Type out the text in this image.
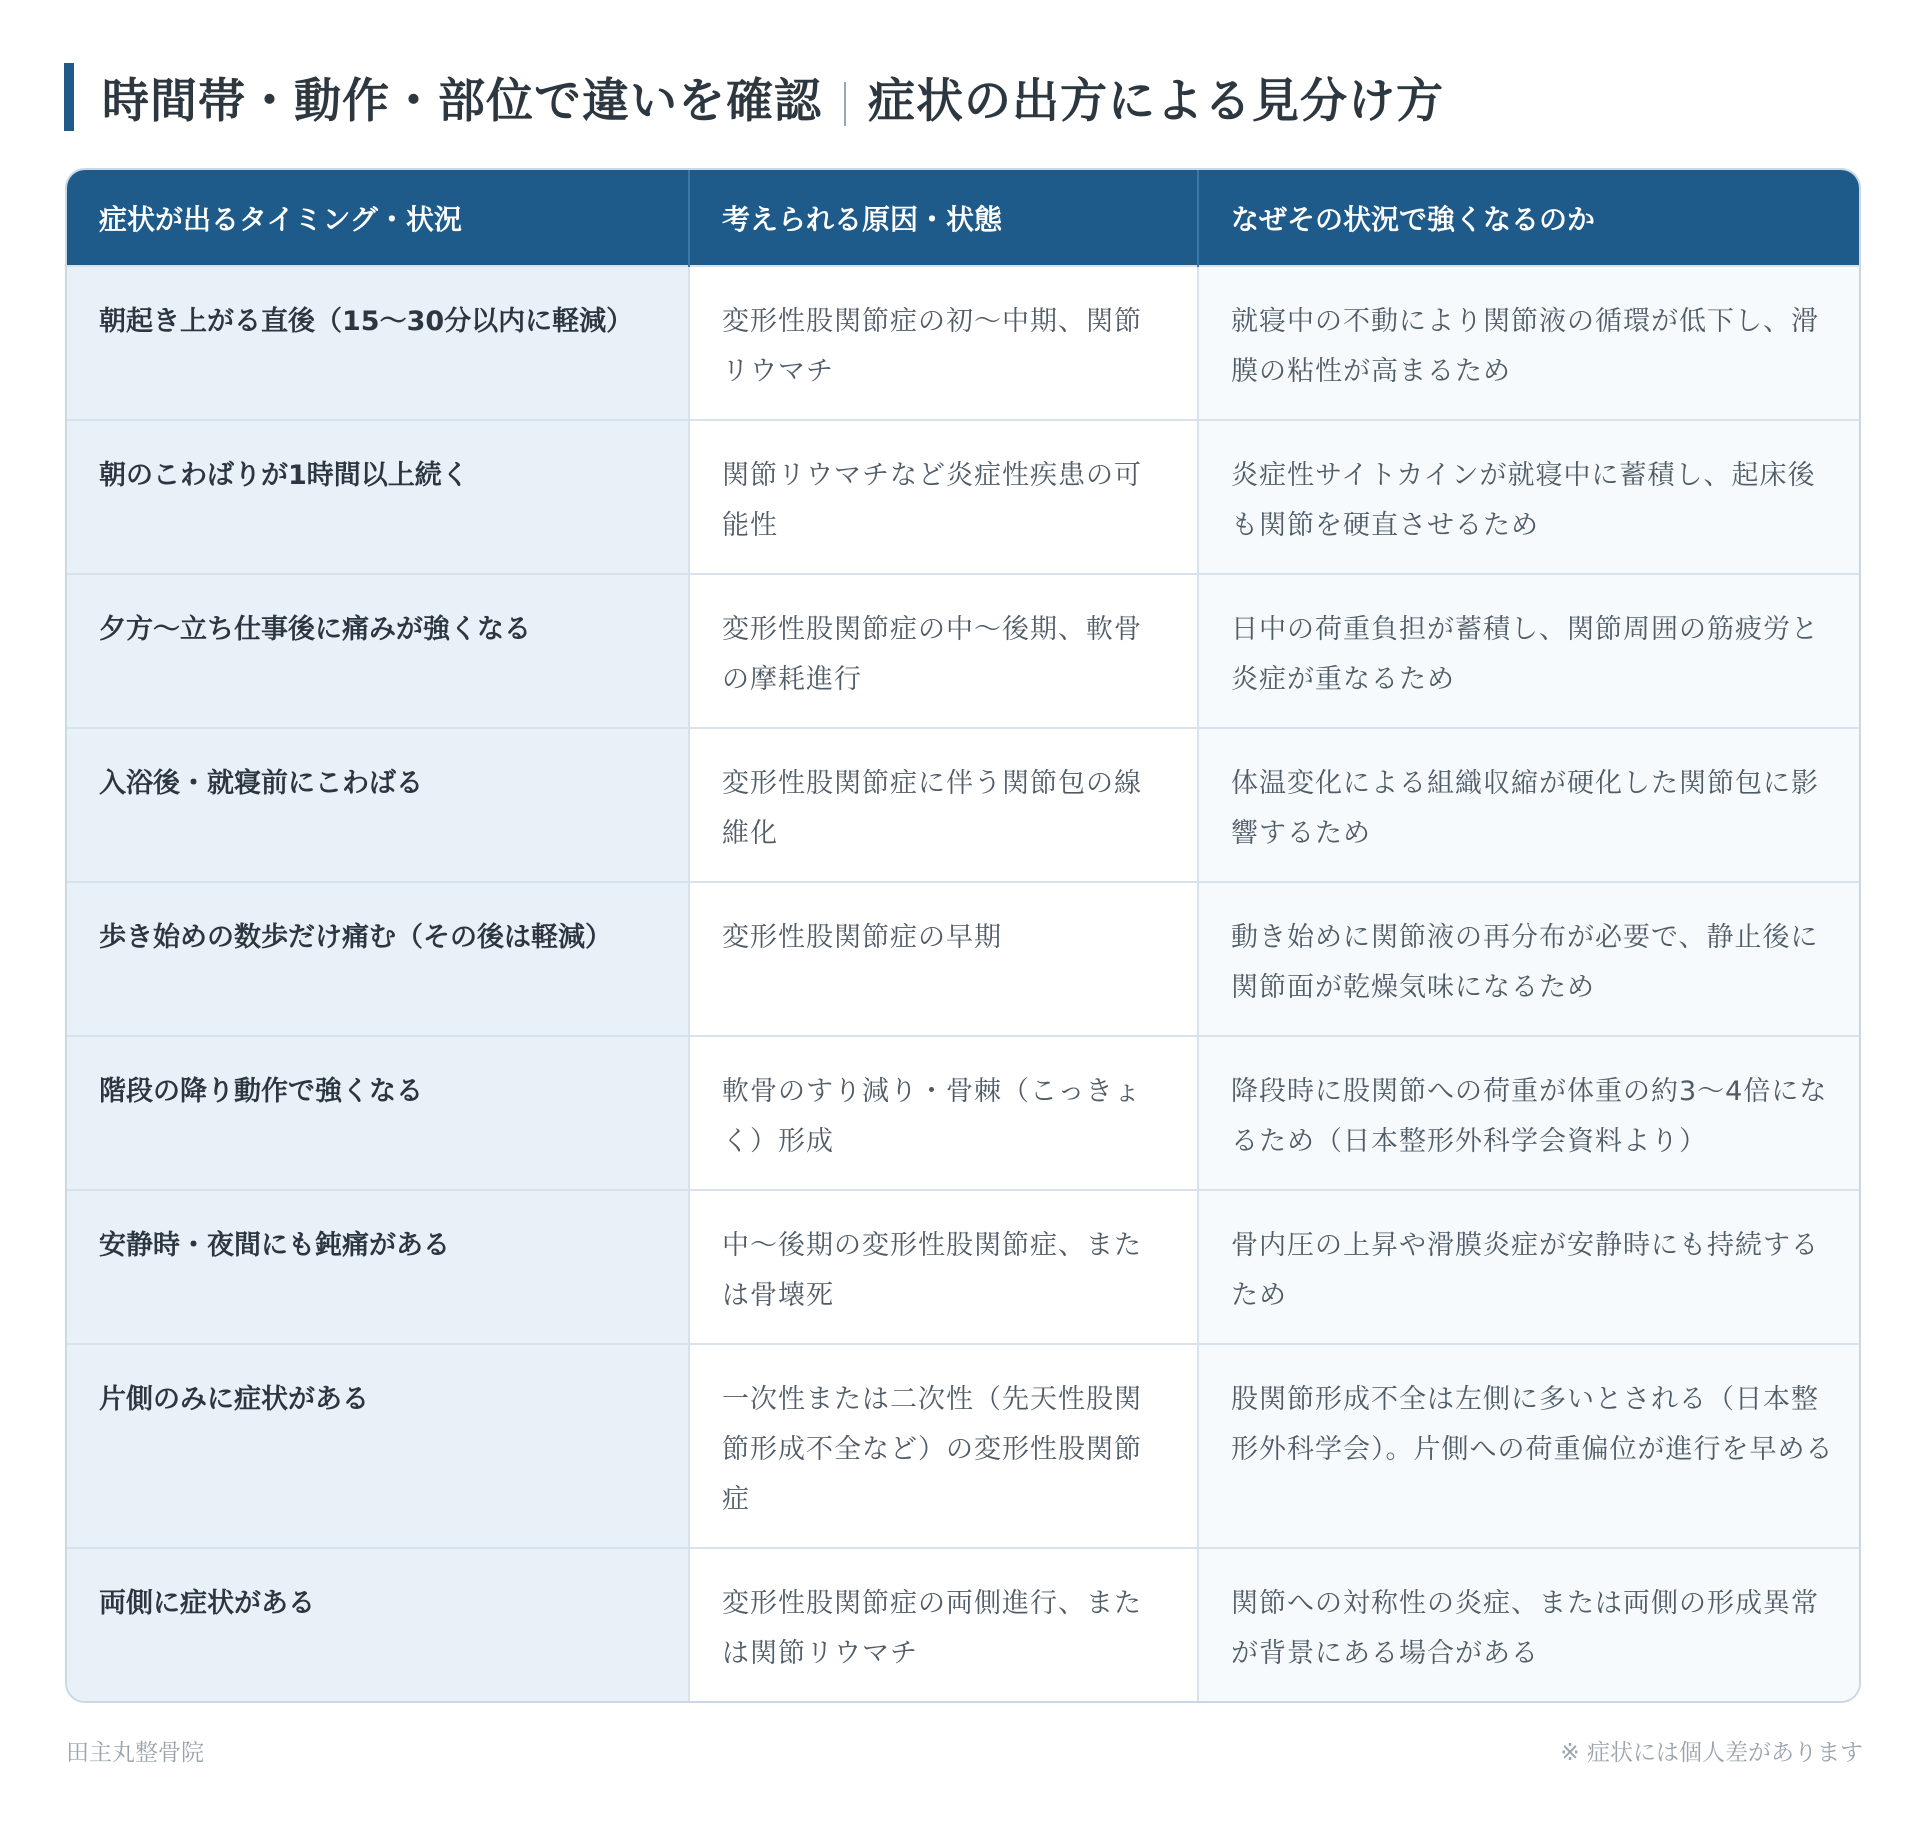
時間帯・動作・部位で違いを確認 症状の出方による見分け方
症状が出るタイミング・状況	考えられる原因・状態	なぜその状況で強くなるのか
朝起き上がる直後（15〜30分以内に軽減）	変形性股関節症の初〜中期、関節リウマチ	就寝中の不動により関節液の循環が低下し、滑膜の粘性が高まるため
朝のこわばりが1時間以上続く	関節リウマチなど炎症性疾患の可能性	炎症性サイトカインが就寝中に蓄積し、起床後も関節を硬直させるため
夕方〜立ち仕事後に痛みが強くなる	変形性股関節症の中〜後期、軟骨の摩耗進行	日中の荷重負担が蓄積し、関節周囲の筋疲労と炎症が重なるため
入浴後・就寝前にこわばる	変形性股関節症に伴う関節包の線維化	体温変化による組織収縮が硬化した関節包に影響するため
歩き始めの数歩だけ痛む（その後は軽減）	変形性股関節症の早期	動き始めに関節液の再分布が必要で、静止後に関節面が乾燥気味になるため
階段の降り動作で強くなる	軟骨のすり減り・骨棘（こっきょく）形成	降段時に股関節への荷重が体重の約3〜4倍になるため（日本整形外科学会資料より）
安静時・夜間にも鈍痛がある	中〜後期の変形性股関節症、または骨壊死	骨内圧の上昇や滑膜炎症が安静時にも持続するため
片側のみに症状がある	一次性または二次性（先天性股関節形成不全など）の変形性股関節症	股関節形成不全は左側に多いとされる（日本整形外科学会）。片側への荷重偏位が進行を早める
両側に症状がある	変形性股関節症の両側進行、または関節リウマチ	関節への対称性の炎症、または両側の形成異常が背景にある場合がある
田主丸整骨院	※ 症状には個人差があります
